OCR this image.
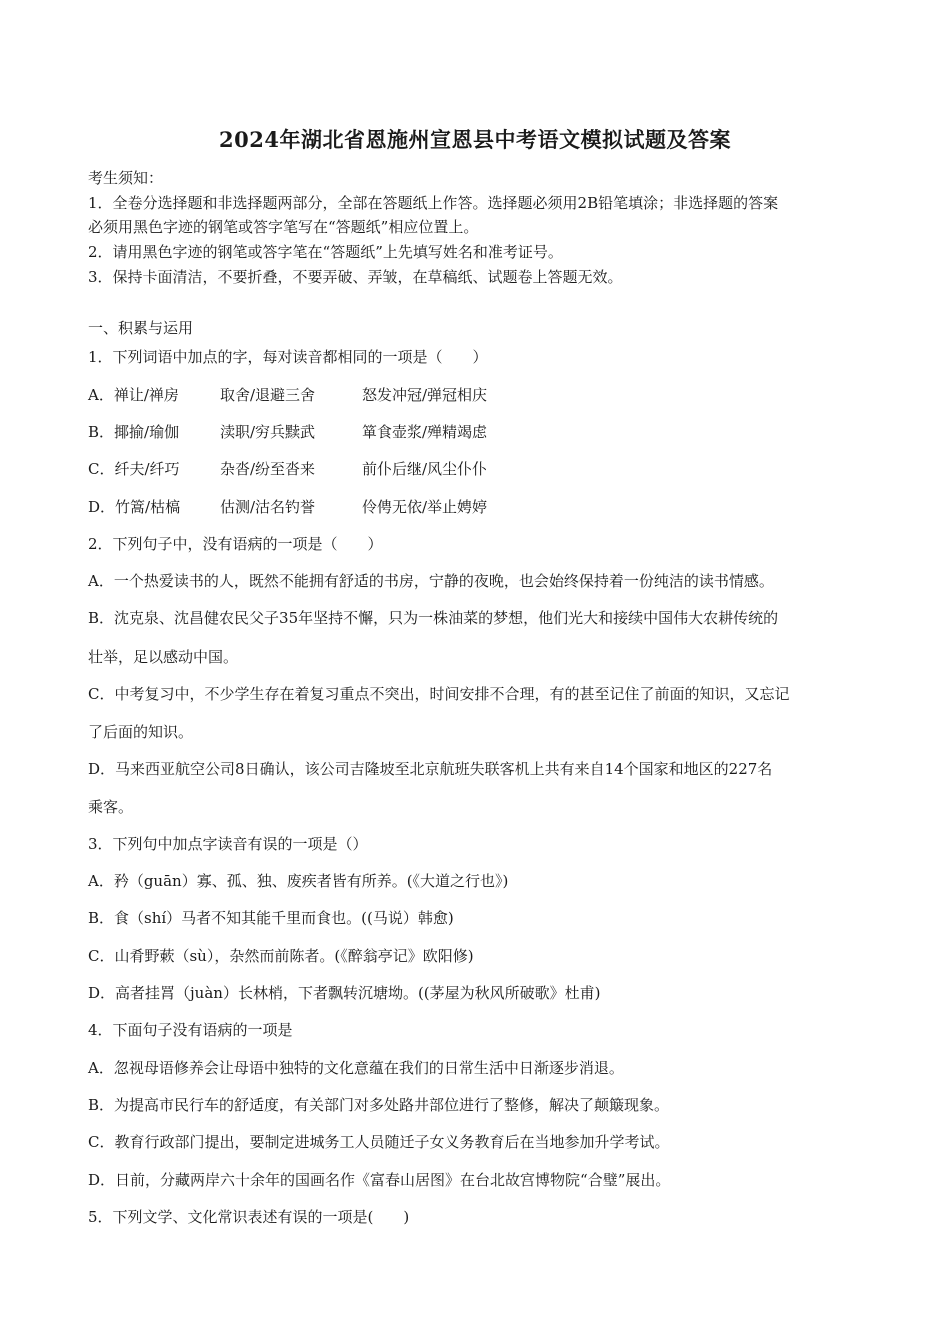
2024年湖北省恩施州宣恩县中考语文模拟试题及答案
考生须知：
1．全卷分选择题和非选择题两部分，全部在答题纸上作答。选择题必须用2B铅笔填涂；非选择题的答案
必须用黑色字迹的钢笔或答字笔写在“答题纸”相应位置上。
2．请用黑色字迹的钢笔或答字笔在“答题纸”上先填写姓名和准考证号。
3．保持卡面清洁，不要折叠，不要弄破、弄皱，在草稿纸、试题卷上答题无效。
一、积累与运用
1．下列词语中加点的字，每对读音都相同的一项是（　　）
A．禅让/禅房	取舍/退避三舍	怒发冲冠/弹冠相庆
B．揶揄/瑜伽	渎职/穷兵黩武	箪食壶浆/殚精竭虑
C．纤夫/纤巧	杂沓/纷至沓来	前仆后继/风尘仆仆
D．竹篙/枯槁	估测/沽名钓誉	伶俜无依/举止娉婷
2．下列句子中，没有语病的一项是（　　）
A．一个热爱读书的人，既然不能拥有舒适的书房，宁静的夜晚，也会始终保持着一份纯洁的读书情感。
B．沈克泉、沈昌健农民父子35年坚持不懈，只为一株油菜的梦想，他们光大和接续中国伟大农耕传统的
壮举，足以感动中国。
C．中考复习中，不少学生存在着复习重点不突出，时间安排不合理，有的甚至记住了前面的知识，又忘记
了后面的知识。
D．马来西亚航空公司8日确认，该公司吉隆坡至北京航班失联客机上共有来自14个国家和地区的227名
乘客。
3．下列句中加点字读音有误的一项是（）
A．矜（guān）寡、孤、独、废疾者皆有所养。(《大道之行也》)
B．食（shí）马者不知其能千里而食也。((马说）韩愈)
C．山肴野蔌（sù），杂然而前陈者。(《醉翁亭记》欧阳修)
D．高者挂罥（juàn）长林梢，下者飘转沉塘坳。((茅屋为秋风所破歌》杜甫)
4．下面句子没有语病的一项是
A．忽视母语修养会让母语中独特的文化意蕴在我们的日常生活中日渐逐步消退。
B．为提高市民行车的舒适度，有关部门对多处路井部位进行了整修，解决了颠簸现象。
C．教育行政部门提出，要制定进城务工人员随迁子女义务教育后在当地参加升学考试。
D．日前，分藏两岸六十余年的国画名作《富春山居图》在台北故宫博物院“合璧”展出。
5．下列文学、文化常识表述有误的一项是(　　)
